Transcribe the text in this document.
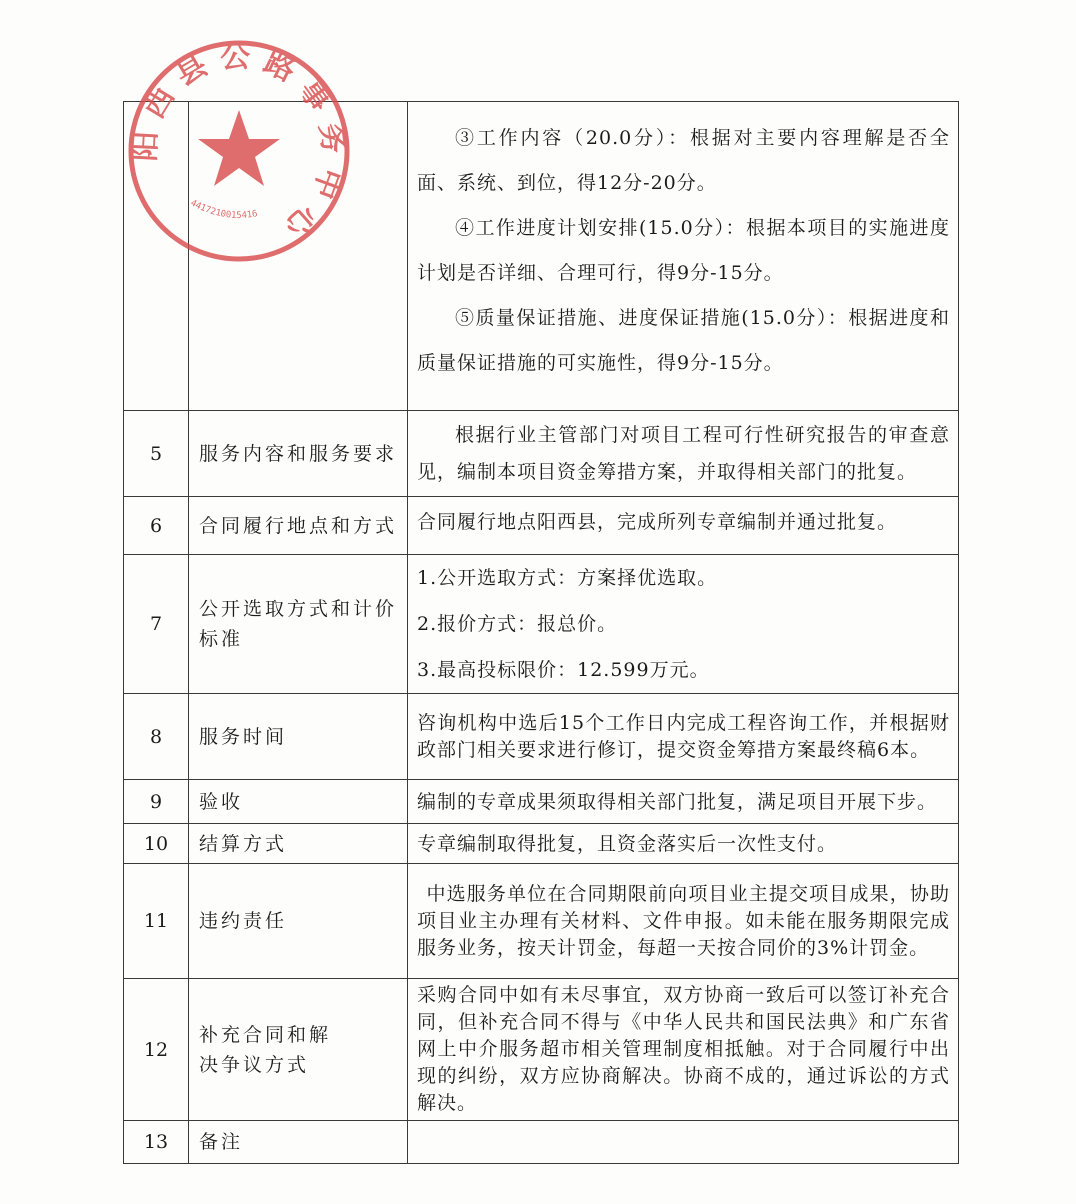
		③工作内容（20.0分）：根据对主要内容理解是否全面、系统、到位，得12分-20分。

④工作进度计划安排(15.0分）：根据本项目的实施进度计划是否详细、合理可行，得9分-15分。

⑤质量保证措施、进度保证措施(15.0分）：根据进度和质量保证措施的可实施性，得9分-15分。

5	服务内容和服务要求	根据行业主管部门对项目工程可行性研究报告的审查意见，编制本项目资金筹措方案，并取得相关部门的批复。

6	合同履行地点和方式	合同履行地点阳西县，完成所列专章编制并通过批复。

7	公开选取方式和计价标准	1.公开选取方式：方案择优选取。

2.报价方式：报总价。

3.最高投标限价：12.599万元。

8	服务时间	咨询机构中选后15个工作日内完成工程咨询工作，并根据财政部门相关要求进行修订，提交资金筹措方案最终稿6本。

9	验收	编制的专章成果须取得相关部门批复，满足项目开展下步。

10	结算方式	专章编制取得批复，且资金落实后一次性支付。

11	违约责任	中选服务单位在合同期限前向项目业主提交项目成果，协助项目业主办理有关材料、文件申报。如未能在服务期限完成服务业务，按天计罚金，每超一天按合同价的3%计罚金。

12	补充合同和解决争议方式	采购合同中如有未尽事宜，双方协商一致后可以签订补充合同，但补充合同不得与《中华人民共和国民法典》和广东省网上中介服务超市相关管理制度相抵触。对于合同履行中出现的纠纷，双方应协商解决。协商不成的，通过诉讼的方式解决。

13	备注	
阳西县公路事务中心
4417210015416
